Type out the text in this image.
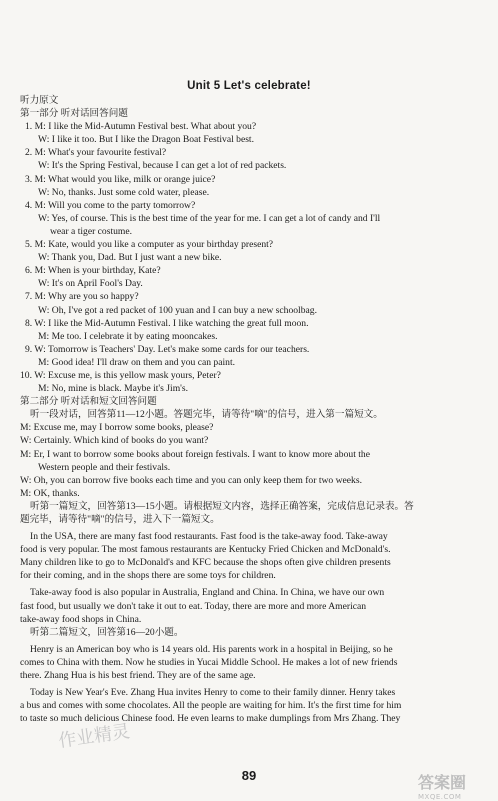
Unit 5 Let's celebrate!
听力原文
第一部分 听对话回答问题
1. M: I like the Mid-Autumn Festival best. What about you?
W: I like it too. But I like the Dragon Boat Festival best.
2. M: What's your favourite festival?
W: It's the Spring Festival, because I can get a lot of red packets.
3. M: What would you like, milk or orange juice?
W: No, thanks. Just some cold water, please.
4. M: Will you come to the party tomorrow?
W: Yes, of course. This is the best time of the year for me. I can get a lot of candy and I'll
wear a tiger costume.
5. M: Kate, would you like a computer as your birthday present?
W: Thank you, Dad. But I just want a new bike.
6. M: When is your birthday, Kate?
W: It's on April Fool's Day.
7. M: Why are you so happy?
W: Oh, I've got a red packet of 100 yuan and I can buy a new schoolbag.
8. W: I like the Mid-Autumn Festival. I like watching the great full moon.
M: Me too. I celebrate it by eating mooncakes.
9. W: Tomorrow is Teachers' Day. Let's make some cards for our teachers.
M: Good idea! I'll draw on them and you can paint.
10. W: Excuse me, is this yellow mask yours, Peter?
M: No, mine is black. Maybe it's Jim's.
第二部分 听对话和短文回答问题
听一段对话，回答第11—12小题。答题完毕，请等待"嘀"的信号，进入第一篇短文。
M: Excuse me, may I borrow some books, please?
W: Certainly. Which kind of books do you want?
M: Er, I want to borrow some books about foreign festivals. I want to know more about the
Western people and their festivals.
W: Oh, you can borrow five books each time and you can only keep them for two weeks.
M: OK, thanks.
听第一篇短文，回答第13—15小题。请根据短文内容，选择正确答案，完成信息记录表。答
题完毕，请等待"嘀"的信号，进入下一篇短文。
In the USA, there are many fast food restaurants. Fast food is the take-away food. Take-away
food is very popular. The most famous restaurants are Kentucky Fried Chicken and McDonald's.
Many children like to go to McDonald's and KFC because the shops often give children presents
for their coming, and in the shops there are some toys for children.
Take-away food is also popular in Australia, England and China. In China, we have our own
fast food, but usually we don't take it out to eat. Today, there are more and more American
take-away food shops in China.
听第二篇短文，回答第16—20小题。
Henry is an American boy who is 14 years old. His parents work in a hospital in Beijing, so he
comes to China with them. Now he studies in Yucai Middle School. He makes a lot of new friends
there. Zhang Hua is his best friend. They are of the same age.
Today is New Year's Eve. Zhang Hua invites Henry to come to their family dinner. Henry takes
a bus and comes with some chocolates. All the people are waiting for him. It's the first time for him
to taste so much delicious Chinese food. He even learns to make dumplings from Mrs Zhang. They
89
作业精灵
答案圈
MXQE.COM
